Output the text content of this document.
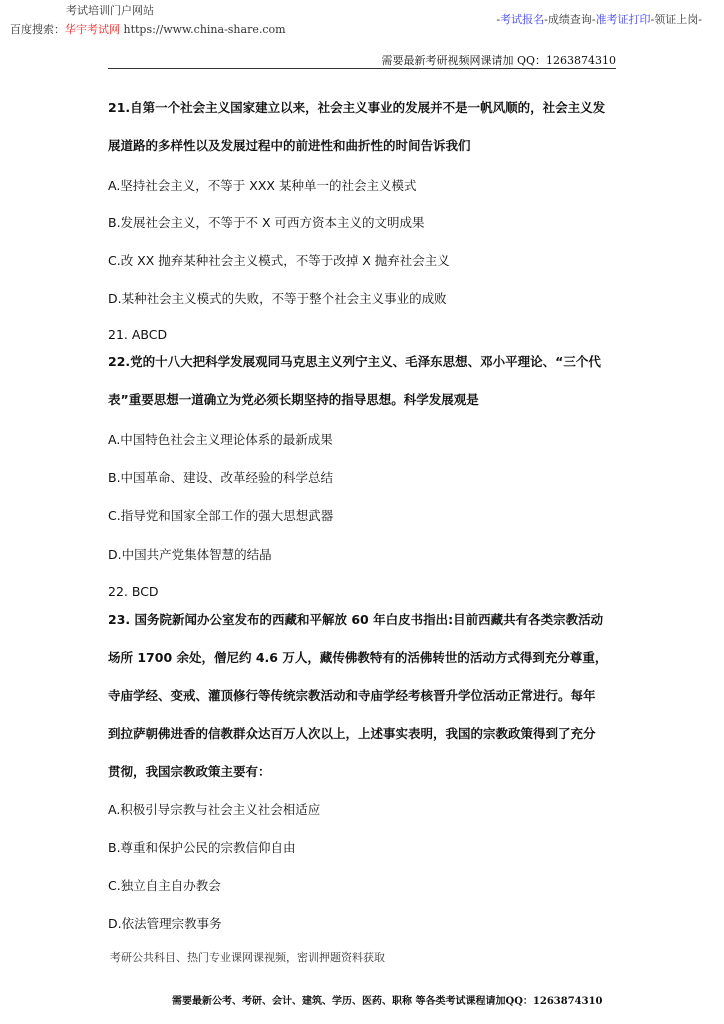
考试培训门户网站
百度搜索：华宇考试网 https://www.china-share.com
-考试报名-成绩查询-准考证打印-领证上岗-
需要最新考研视频网课请加 QQ：1263874310
21.自第一个社会主义国家建立以来，社会主义事业的发展并不是一帆风顺的，社会主义发
展道路的多样性以及发展过程中的前进性和曲折性的时间告诉我们
A.坚持社会主义，不等于 XXX 某种单一的社会主义模式
B.发展社会主义，不等于不 X 可西方资本主义的文明成果
C.改 XX 抛弃某种社会主义模式，不等于改掉 X 抛弃社会主义
D.某种社会主义模式的失败，不等于整个社会主义事业的成败
21. ABCD
22.党的十八大把科学发展观同马克思主义列宁主义、毛泽东思想、邓小平理论、“三个代
表”重要思想一道确立为党必须长期坚持的指导思想。科学发展观是
A.中国特色社会主义理论体系的最新成果
B.中国革命、建设、改革经验的科学总结
C.指导党和国家全部工作的强大思想武器
D.中国共产党集体智慧的结晶
22. BCD
23. 国务院新闻办公室发布的西藏和平解放 60 年白皮书指出:目前西藏共有各类宗教活动
场所 1700 余处，僧尼约 4.6 万人，藏传佛教特有的活佛转世的活动方式得到充分尊重，
寺庙学经、变戒、灌顶修行等传统宗教活动和寺庙学经考核晋升学位活动正常进行。每年
到拉萨朝佛进香的信教群众达百万人次以上，上述事实表明，我国的宗教政策得到了充分
贯彻，我国宗教政策主要有：
A.积极引导宗教与社会主义社会相适应
B.尊重和保护公民的宗教信仰自由
C.独立自主自办教会
D.依法管理宗教事务
考研公共科目、热门专业课网课视频，密训押题资料获取
需要最新公考、考研、会计、建筑、学历、医药、职称 等各类考试课程请加QQ：1263874310
